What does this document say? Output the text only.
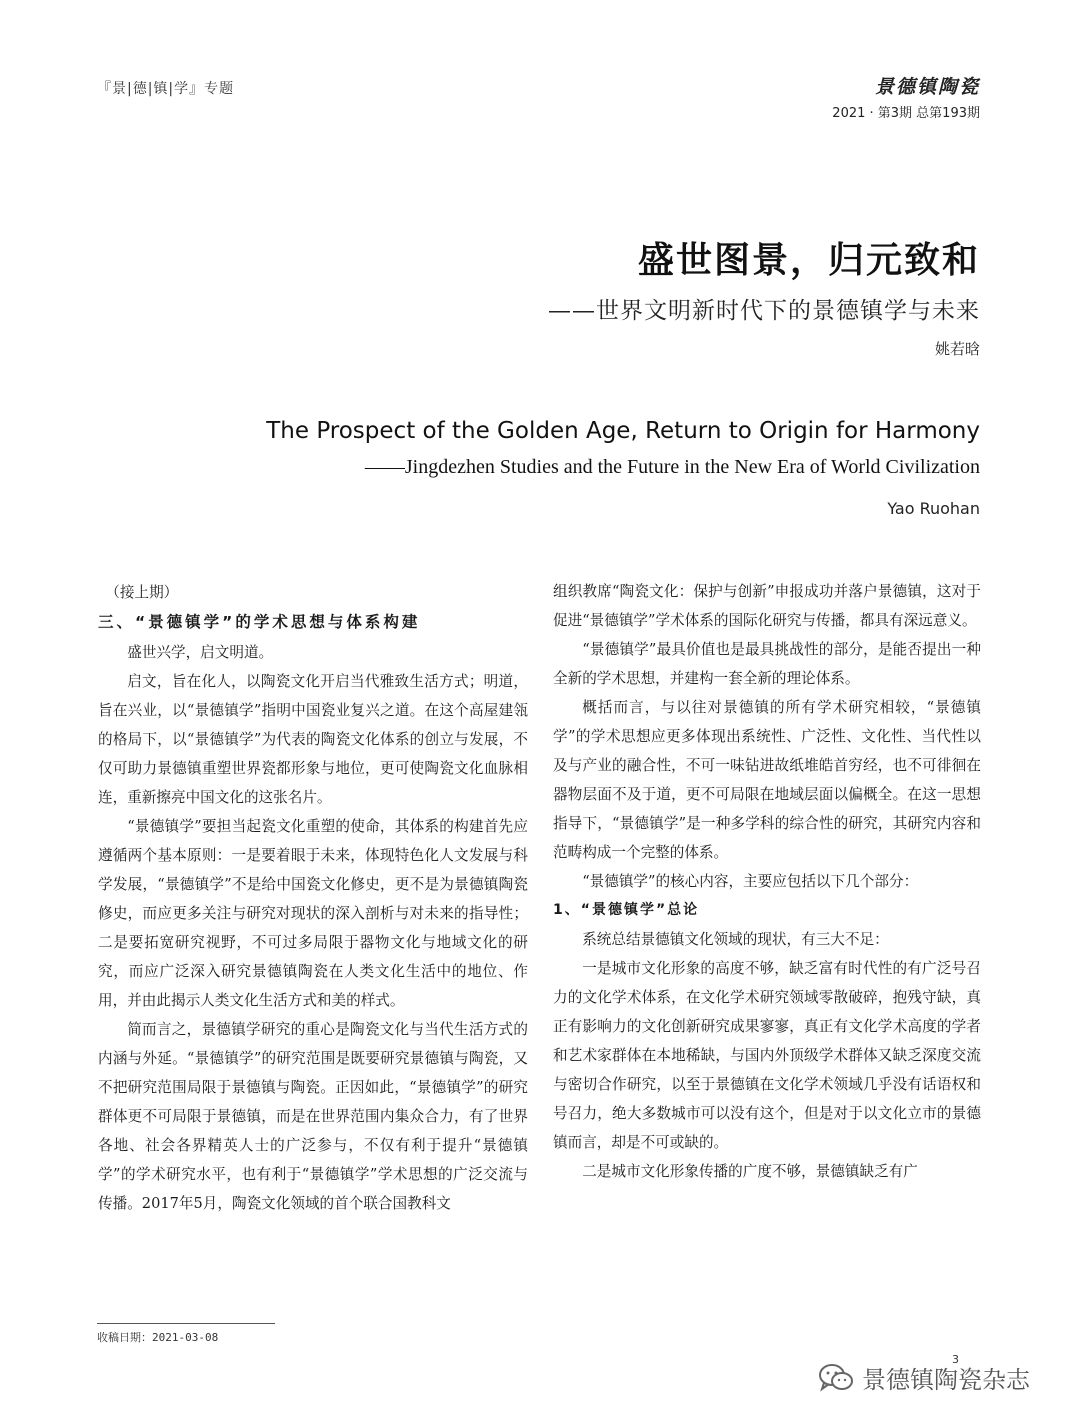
『景|德|镇|学』专题	景德镇陶瓷
2021 · 第3期 总第193期
盛世图景，归元致和
——世界文明新时代下的景德镇学与未来
姚若晗
The Prospect of the Golden Age, Return to Origin for Harmony
——Jingdezhen Studies and the Future in the New Era of World Civilization
Yao Ruohan

（接上期）

三、“景德镇学”的学术思想与体系构建

盛世兴学，启文明道。

启文，旨在化人，以陶瓷文化开启当代雅致生活方式；明道，旨在兴业，以“景德镇学”指明中国瓷业复兴之道。在这个高屋建瓴的格局下，以“景德镇学”为代表的陶瓷文化体系的创立与发展，不仅可助力景德镇重塑世界瓷都形象与地位，更可使陶瓷文化血脉相连，重新擦亮中国文化的这张名片。

“景德镇学”要担当起瓷文化重塑的使命，其体系的构建首先应遵循两个基本原则：一是要着眼于未来，体现特色化人文发展与科学发展，“景德镇学”不是给中国瓷文化修史，更不是为景德镇陶瓷修史，而应更多关注与研究对现状的深入剖析与对未来的指导性；二是要拓宽研究视野，不可过多局限于器物文化与地域文化的研究，而应广泛深入研究景德镇陶瓷在人类文化生活中的地位、作用，并由此揭示人类文化生活方式和美的样式。

简而言之，景德镇学研究的重心是陶瓷文化与当代生活方式的内涵与外延。“景德镇学”的研究范围是既要研究景德镇与陶瓷，又不把研究范围局限于景德镇与陶瓷。正因如此，“景德镇学”的研究群体更不可局限于景德镇，而是在世界范围内集众合力，有了世界各地、社会各界精英人士的广泛参与，不仅有利于提升“景德镇学”的学术研究水平，也有利于“景德镇学”学术思想的广泛交流与传播。2017年5月，陶瓷文化领域的首个联合国教科文

组织教席“陶瓷文化：保护与创新”申报成功并落户景德镇，这对于促进“景德镇学”学术体系的国际化研究与传播，都具有深远意义。

“景德镇学”最具价值也是最具挑战性的部分，是能否提出一种全新的学术思想，并建构一套全新的理论体系。

概括而言，与以往对景德镇的所有学术研究相较，“景德镇学”的学术思想应更多体现出系统性、广泛性、文化性、当代性以及与产业的融合性，不可一味钻进故纸堆皓首穷经，也不可徘徊在器物层面不及于道，更不可局限在地域层面以偏概全。在这一思想指导下，“景德镇学”是一种多学科的综合性的研究，其研究内容和范畴构成一个完整的体系。

“景德镇学”的核心内容，主要应包括以下几个部分：

1、“景德镇学”总论

系统总结景德镇文化领域的现状，有三大不足：

一是城市文化形象的高度不够，缺乏富有时代性的有广泛号召力的文化学术体系，在文化学术研究领域零散破碎，抱残守缺，真正有影响力的文化创新研究成果寥寥，真正有文化学术高度的学者和艺术家群体在本地稀缺，与国内外顶级学术群体又缺乏深度交流与密切合作研究，以至于景德镇在文化学术领域几乎没有话语权和号召力，绝大多数城市可以没有这个，但是对于以文化立市的景德镇而言，却是不可或缺的。

二是城市文化形象传播的广度不够，景德镇缺乏有广

收稿日期：2021-03-08
3
景德镇陶瓷杂志
